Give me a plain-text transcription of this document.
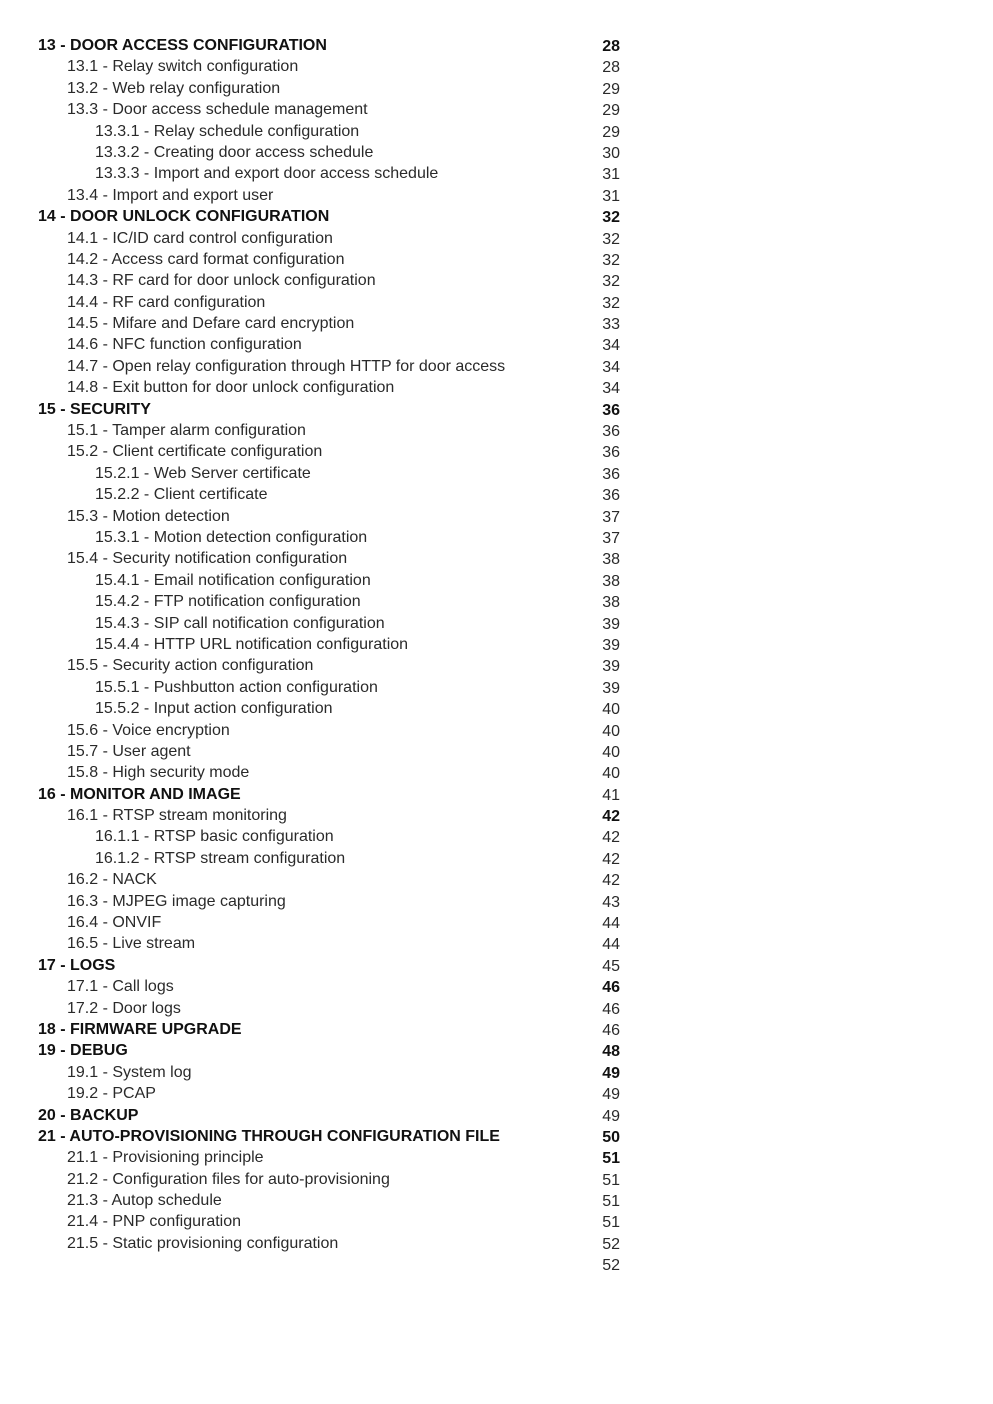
13 - DOOR ACCESS CONFIGURATION
13.1 - Relay switch configuration
13.2 - Web relay configuration
13.3 - Door access schedule management
13.3.1 - Relay schedule configuration
13.3.2 - Creating door access schedule
13.3.3 - Import and export door access schedule
13.4 - Import and export user
14 - DOOR UNLOCK CONFIGURATION
14.1 - IC/ID card control configuration
14.2 - Access card format configuration
14.3 - RF card for door unlock configuration
14.4 - RF card configuration
14.5 - Mifare and Defare card encryption
14.6 - NFC function configuration
14.7 - Open relay configuration through HTTP for door access
14.8 - Exit button for door unlock configuration
15 - SECURITY
15.1 - Tamper alarm configuration
15.2 - Client certificate configuration
15.2.1 - Web Server certificate
15.2.2 - Client certificate
15.3 - Motion detection
15.3.1 - Motion detection configuration
15.4 - Security notification configuration
15.4.1 - Email notification configuration
15.4.2 - FTP notification configuration
15.4.3 - SIP call notification configuration
15.4.4 - HTTP URL notification configuration
15.5 - Security action configuration
15.5.1 - Pushbutton action configuration
15.5.2 - Input action configuration
15.6 - Voice encryption
15.7 - User agent
15.8 - High security mode
16 - MONITOR AND IMAGE
16.1 - RTSP stream monitoring
16.1.1 - RTSP basic configuration
16.1.2 - RTSP stream configuration
16.2 - NACK
16.3 - MJPEG image capturing
16.4 - ONVIF
16.5 - Live stream
17 - LOGS
17.1 - Call logs
17.2 - Door logs
18 - FIRMWARE UPGRADE
19 - DEBUG
19.1 - System log
19.2 - PCAP
20 - BACKUP
21 - AUTO-PROVISIONING THROUGH CONFIGURATION FILE
21.1 - Provisioning principle
21.2 - Configuration files for auto-provisioning
21.3 - Autop schedule
21.4 - PNP configuration
21.5 - Static provisioning configuration
28
28
29
29
29
30
31
31
32
32
32
32
32
33
34
34
34
36
36
36
36
36
37
37
38
38
38
39
39
39
39
40
40
40
40
41
42
42
42
42
43
44
44
45
46
46
46
48
49
49
49
50
51
51
51
51
52
52
